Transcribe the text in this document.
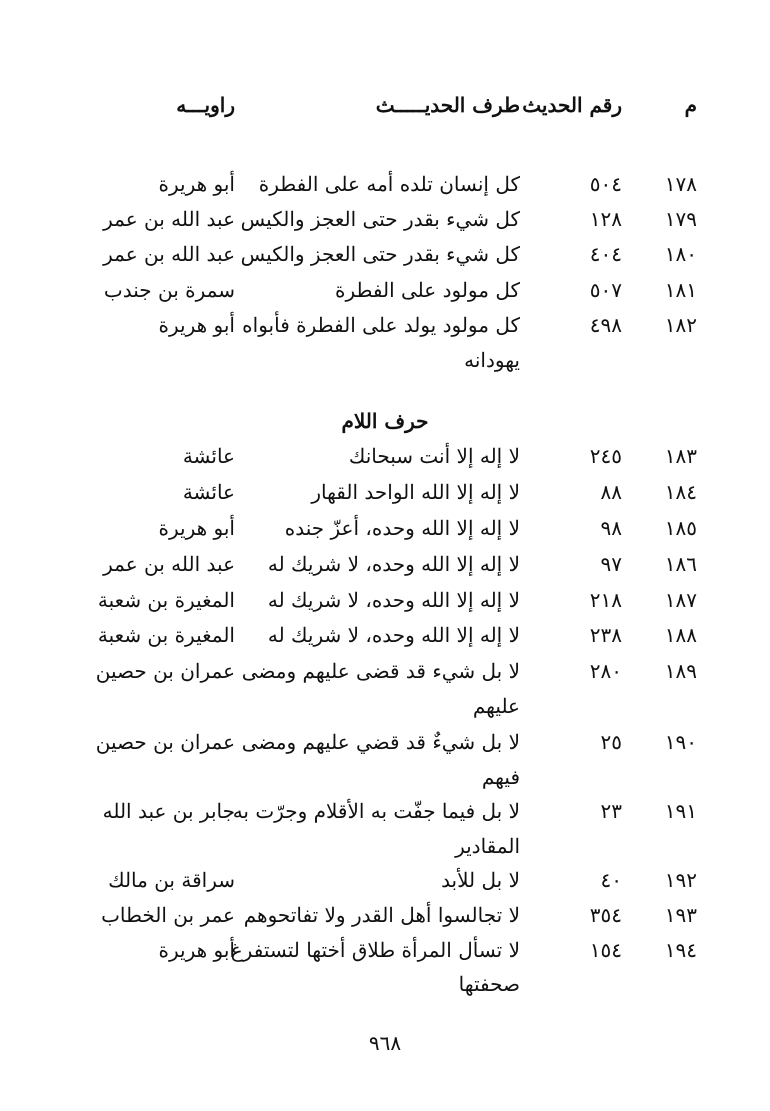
م
رقم الحديث
طرف الحديـــــث
راويـــه
١٧٨
٥٠٤
كل إنسان تلده أمه على الفطرة
أبو هريرة
١٧٩
١٢٨
كل شيء بقدر حتى العجز والكيس
عبد الله بن عمر
١٨٠
٤٠٤
كل شيء بقدر حتى العجز والكيس
عبد الله بن عمر
١٨١
٥٠٧
كل مولود على الفطرة
سمرة بن جندب
١٨٢
٤٩٨
كل مولود يولد على الفطرة فأبواه
يهودانه
أبو هريرة
حرف اللام
١٨٣
٢٤٥
لا إله إلا أنت سبحانك
عائشة
١٨٤
٨٨
لا إله إلا الله الواحد القهار
عائشة
١٨٥
٩٨
لا إله إلا الله وحده، أعزّ جنده
أبو هريرة
١٨٦
٩٧
لا إله إلا الله وحده، لا شريك له
عبد الله بن عمر
١٨٧
٢١٨
لا إله إلا الله وحده، لا شريك له
المغيرة بن شعبة
١٨٨
٢٣٨
لا إله إلا الله وحده، لا شريك له
المغيرة بن شعبة
١٨٩
٢٨٠
لا بل شيء قد قضى عليهم ومضى
عليهم
عمران بن حصين
١٩٠
٢٥
لا بل شيءٌ قد قضي عليهم ومضى
فيهم
عمران بن حصين
١٩١
٢٣
لا بل فيما جفّت به الأقلام وجرّت به
المقادير
جابر بن عبد الله
١٩٢
٤٠
لا بل للأبد
سراقة بن مالك
١٩٣
٣٥٤
لا تجالسوا أهل القدر ولا تفاتحوهم
عمر بن الخطاب
١٩٤
١٥٤
لا تسأل المرأة طلاق أختها لتستفرغ
صحفتها
أبو هريرة
٩٦٨
